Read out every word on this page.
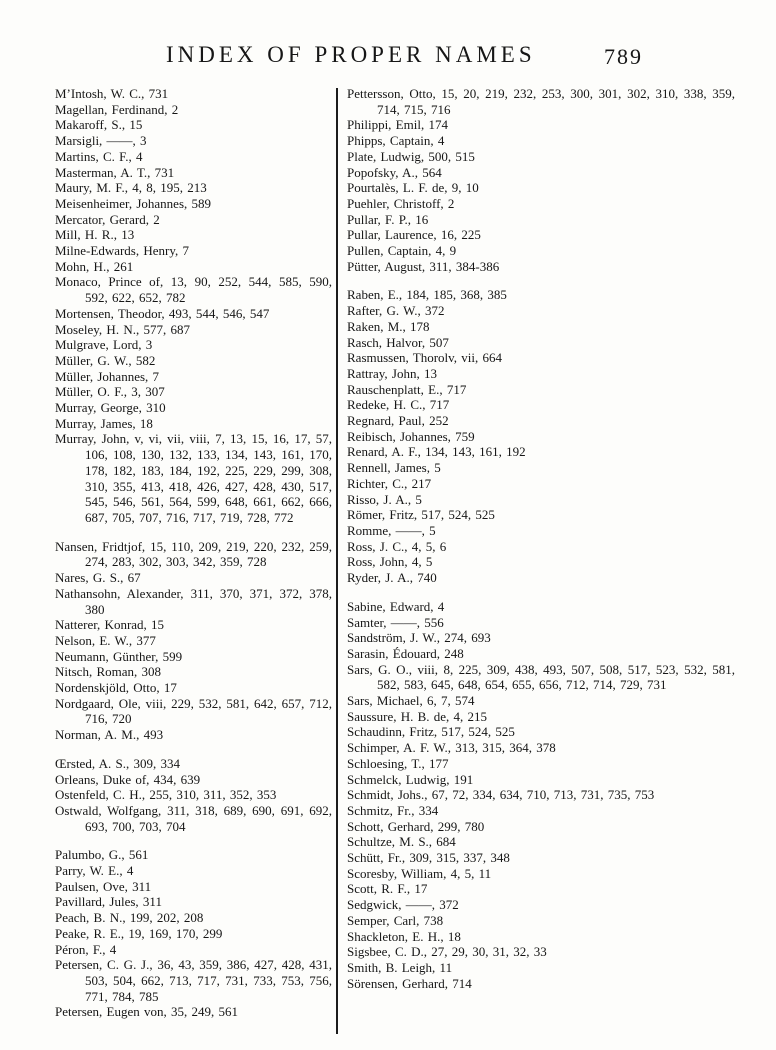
INDEX OF PROPER NAMES	789

M’Intosh, W. C., 731

Magellan, Ferdinand, 2

Makaroff, S., 15

Marsigli, ——, 3

Martins, C. F., 4

Masterman, A. T., 731

Maury, M. F., 4, 8, 195, 213

Meisenheimer, Johannes, 589

Mercator, Gerard, 2

Mill, H. R., 13

Milne-Edwards, Henry, 7

Mohn, H., 261

Monaco, Prince of, 13, 90, 252, 544, 585, 590, 592, 622, 652, 782

Mortensen, Theodor, 493, 544, 546, 547

Moseley, H. N., 577, 687

Mulgrave, Lord, 3

Müller, G. W., 582

Müller, Johannes, 7

Müller, O. F., 3, 307

Murray, George, 310

Murray, James, 18

Murray, John, v, vi, vii, viii, 7, 13, 15, 16, 17, 57, 106, 108, 130, 132, 133, 134, 143, 161, 170, 178, 182, 183, 184, 192, 225, 229, 299, 308, 310, 355, 413, 418, 426, 427, 428, 430, 517, 545, 546, 561, 564, 599, 648, 661, 662, 666, 687, 705, 707, 716, 717, 719, 728, 772

Nansen, Fridtjof, 15, 110, 209, 219, 220, 232, 259, 274, 283, 302, 303, 342, 359, 728

Nares, G. S., 67

Nathansohn, Alexander, 311, 370, 371, 372, 378, 380

Natterer, Konrad, 15

Nelson, E. W., 377

Neumann, Günther, 599

Nitsch, Roman, 308

Nordenskjöld, Otto, 17

Nordgaard, Ole, viii, 229, 532, 581, 642, 657, 712, 716, 720

Norman, A. M., 493

Œrsted, A. S., 309, 334

Orleans, Duke of, 434, 639

Ostenfeld, C. H., 255, 310, 311, 352, 353

Ostwald, Wolfgang, 311, 318, 689, 690, 691, 692, 693, 700, 703, 704

Palumbo, G., 561

Parry, W. E., 4

Paulsen, Ove, 311

Pavillard, Jules, 311

Peach, B. N., 199, 202, 208

Peake, R. E., 19, 169, 170, 299

Péron, F., 4

Petersen, C. G. J., 36, 43, 359, 386, 427, 428, 431, 503, 504, 662, 713, 717, 731, 733, 753, 756, 771, 784, 785

Petersen, Eugen von, 35, 249, 561

Pettersson, Otto, 15, 20, 219, 232, 253, 300, 301, 302, 310, 338, 359, 714, 715, 716

Philippi, Emil, 174

Phipps, Captain, 4

Plate, Ludwig, 500, 515

Popofsky, A., 564

Pourtalès, L. F. de, 9, 10

Puehler, Christoff, 2

Pullar, F. P., 16

Pullar, Laurence, 16, 225

Pullen, Captain, 4, 9

Pütter, August, 311, 384-386

Raben, E., 184, 185, 368, 385

Rafter, G. W., 372

Raken, M., 178

Rasch, Halvor, 507

Rasmussen, Thorolv, vii, 664

Rattray, John, 13

Rauschenplatt, E., 717

Redeke, H. C., 717

Regnard, Paul, 252

Reibisch, Johannes, 759

Renard, A. F., 134, 143, 161, 192

Rennell, James, 5

Richter, C., 217

Risso, J. A., 5

Römer, Fritz, 517, 524, 525

Romme, ——, 5

Ross, J. C., 4, 5, 6

Ross, John, 4, 5

Ryder, J. A., 740

Sabine, Edward, 4

Samter, ——, 556

Sandström, J. W., 274, 693

Sarasin, Édouard, 248

Sars, G. O., viii, 8, 225, 309, 438, 493, 507, 508, 517, 523, 532, 581, 582, 583, 645, 648, 654, 655, 656, 712, 714, 729, 731

Sars, Michael, 6, 7, 574

Saussure, H. B. de, 4, 215

Schaudinn, Fritz, 517, 524, 525

Schimper, A. F. W., 313, 315, 364, 378

Schloesing, T., 177

Schmelck, Ludwig, 191

Schmidt, Johs., 67, 72, 334, 634, 710, 713, 731, 735, 753

Schmitz, Fr., 334

Schott, Gerhard, 299, 780

Schultze, M. S., 684

Schütt, Fr., 309, 315, 337, 348

Scoresby, William, 4, 5, 11

Scott, R. F., 17

Sedgwick, ——, 372

Semper, Carl, 738

Shackleton, E. H., 18

Sigsbee, C. D., 27, 29, 30, 31, 32, 33

Smith, B. Leigh, 11

Sörensen, Gerhard, 714
